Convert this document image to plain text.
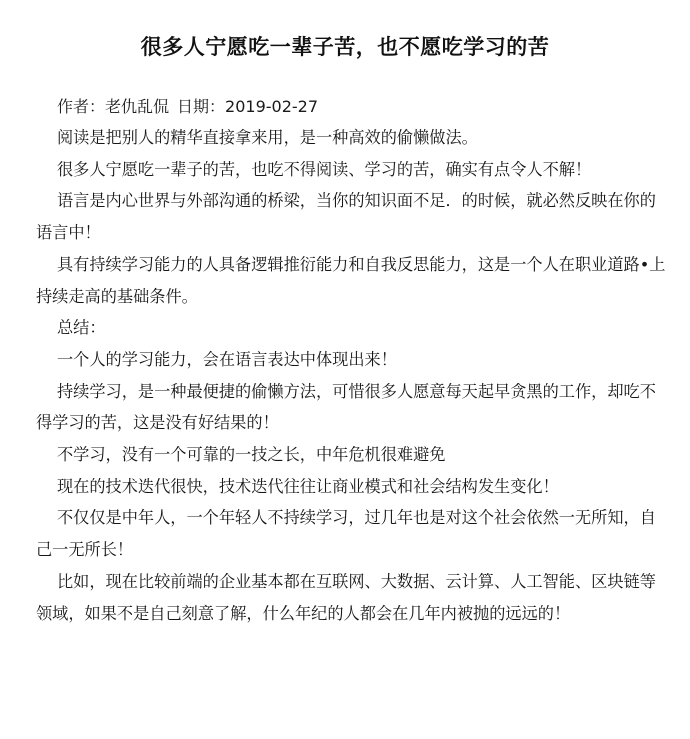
很多人宁愿吃一辈子苦，也不愿吃学习的苦
作者：老仇乱侃 日期：2019-02-27

阅读是把别人的精华直接拿来用，是一种高效的偷懒做法。

很多人宁愿吃一辈子的苦，也吃不得阅读、学习的苦，确实有点令人不解！

语言是内心世界与外部沟通的桥梁，当你的知识面不足．的时候，就必然反映在你的语言中！

具有持续学习能力的人具备逻辑推衍能力和自我反思能力，这是一个人在职业道路•上持续走高的基础条件。

总结：

一个人的学习能力，会在语言表达中体现出来！

持续学习，是一种最便捷的偷懒方法，可惜很多人愿意每天起早贪黑的工作，却吃不得学习的苦，这是没有好结果的！

不学习，没有一个可靠的一技之长，中年危机很难避免

现在的技术迭代很快，技术迭代往往让商业模式和社会结构发生变化！

不仅仅是中年人，一个年轻人不持续学习，过几年也是对这个社会依然一无所知，自己一无所长！

比如，现在比较前端的企业基本都在互联网、大数据、云计算、人工智能、区块链等领域，如果不是自己刻意了解，什么年纪的人都会在几年内被抛的远远的！
